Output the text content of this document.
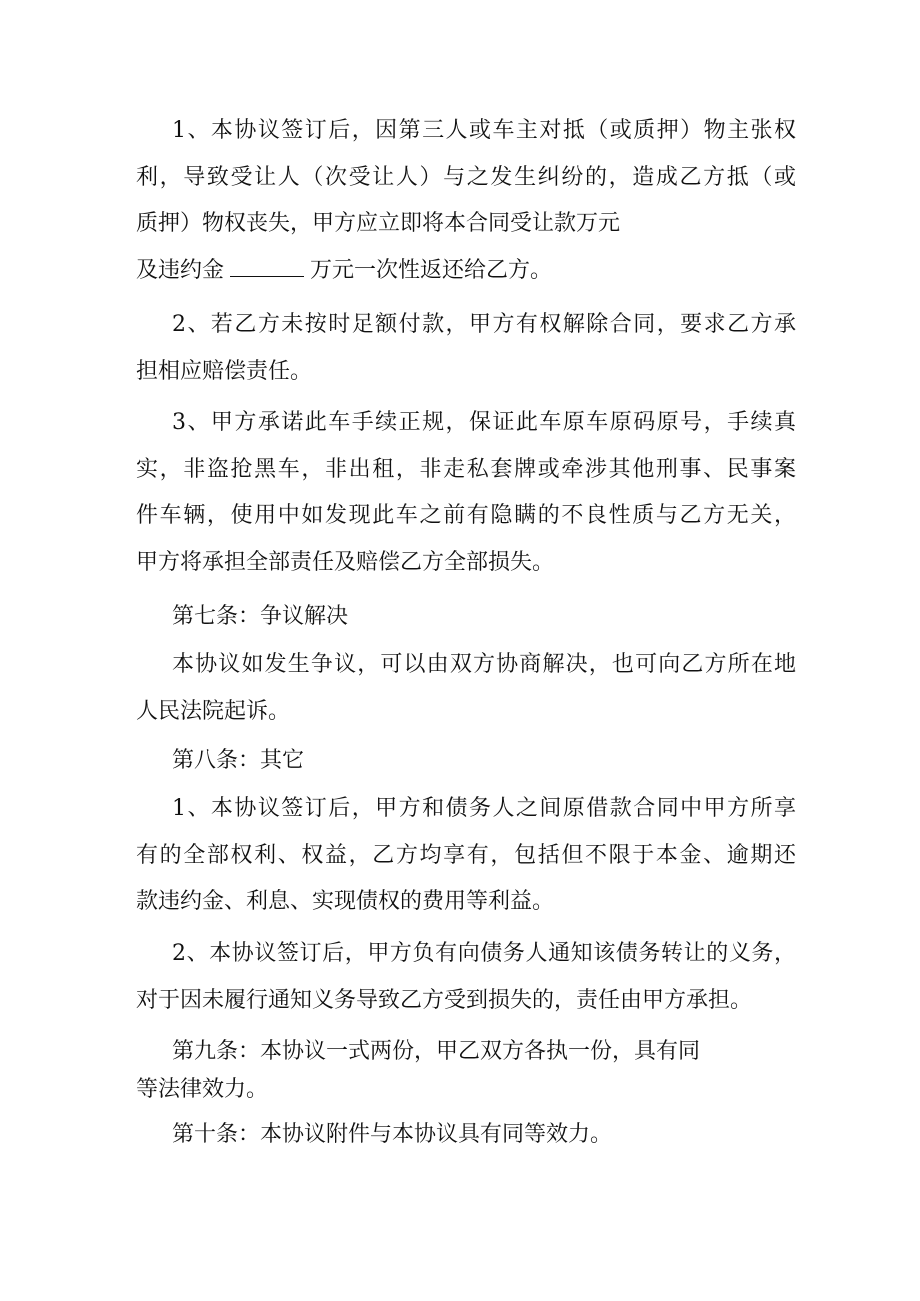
1、本协议签订后，因第三人或车主对抵（或质押）物主张权
利，导致受让人（次受让人）与之发生纠纷的，造成乙方抵（或
质押）物权丧失，甲方应立即将本合同受让款万元
及违约金	万元一次性返还给乙方。
2、若乙方未按时足额付款，甲方有权解除合同，要求乙方承
担相应赔偿责任。
3、甲方承诺此车手续正规，保证此车原车原码原号，手续真
实，非盗抢黑车，非出租，非走私套牌或牵涉其他刑事、民事案
件车辆，使用中如发现此车之前有隐瞒的不良性质与乙方无关，
甲方将承担全部责任及赔偿乙方全部损失。
第七条：争议解决
本协议如发生争议，可以由双方协商解决，也可向乙方所在地
人民法院起诉。
第八条：其它
1、本协议签订后，甲方和债务人之间原借款合同中甲方所享
有的全部权利、权益，乙方均享有，包括但不限于本金、逾期还
款违约金、利息、实现债权的费用等利益。
2、本协议签订后，甲方负有向债务人通知该债务转让的义务，
对于因未履行通知义务导致乙方受到损失的，责任由甲方承担。
第九条：本协议一式两份，甲乙双方各执一份，具有同
等法律效力。
第十条：本协议附件与本协议具有同等效力。
